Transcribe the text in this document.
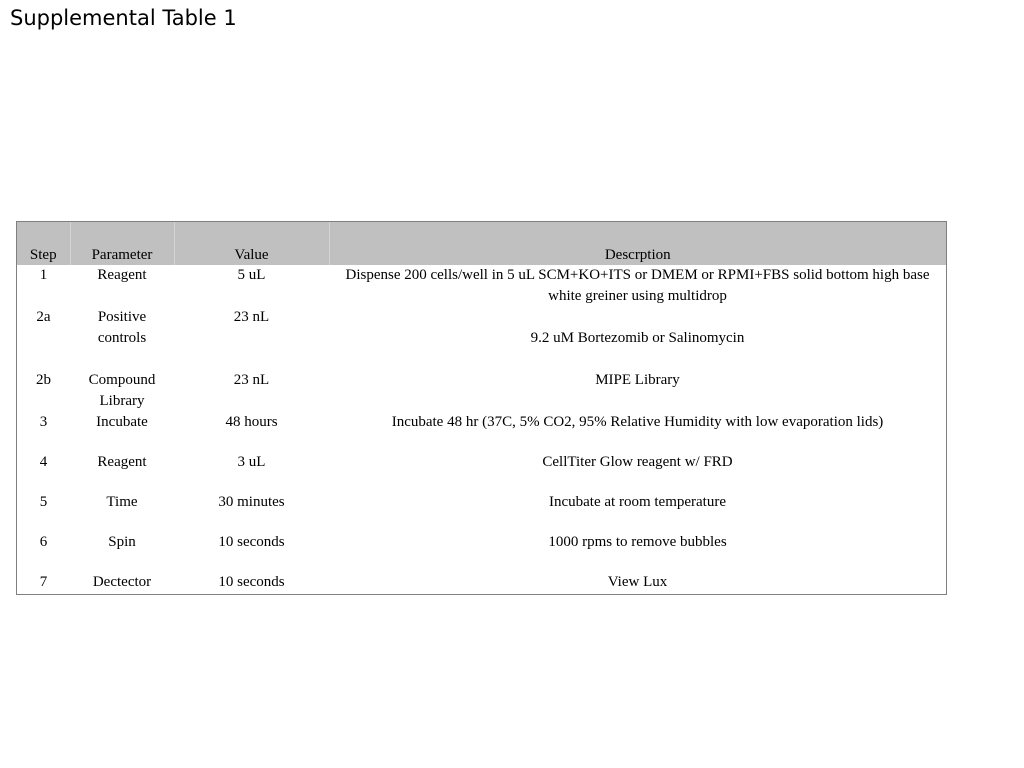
Supplemental Table 1
Step	Parameter	Value	Descrption
1	Reagent	5 uL	Dispense 200 cells/well in 5 uL SCM+KO+ITS or DMEM or RPMI+FBS solid bottom high base white greiner using multidrop
2a	Positive controls	23 nL	9.2 uM Bortezomib or Salinomycin
2b	Compound Library	23 nL	MIPE Library
3	Incubate	48 hours	Incubate 48 hr (37C, 5% CO2, 95% Relative Humidity with low evaporation lids)
4	Reagent	3 uL	CellTiter Glow reagent w/ FRD
5	Time	30 minutes	Incubate at room temperature
6	Spin	10 seconds	1000 rpms to remove bubbles
7	Dectector	10 seconds	View Lux
